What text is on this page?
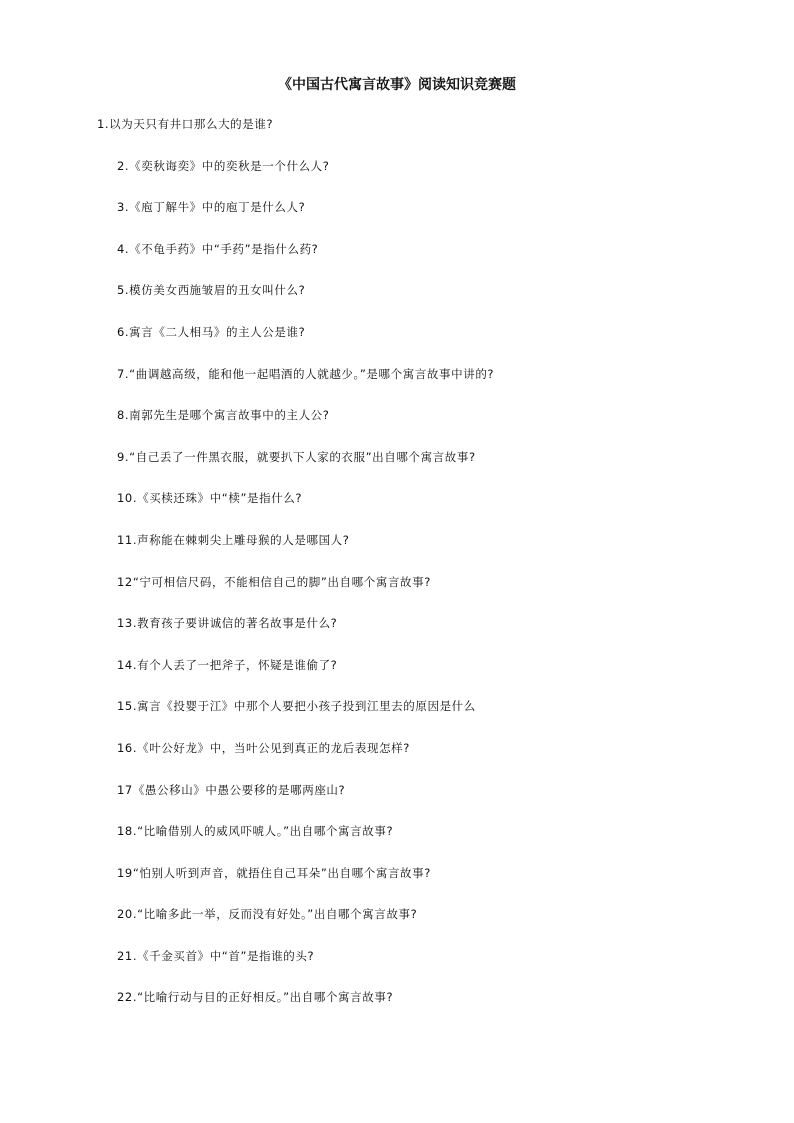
《中国古代寓言故事》阅读知识竞赛题
1.以为天只有井口那么大的是谁?
2.《奕秋诲奕》中的奕秋是一个什么人?
3.《庖丁解牛》中的庖丁是什么人?
4.《不龟手药》中“手药”是指什么药?
5.模仿美女西施皱眉的丑女叫什么?
6.寓言《二人相马》的主人公是谁?
7.“曲调越高级，能和他一起唱酒的人就越少。”是哪个寓言故事中讲的?
8.南郭先生是哪个寓言故事中的主人公?
9.“自己丢了一件黑衣服，就要扒下人家的衣服”出自哪个寓言故事?
10.《买椟还珠》中“椟”是指什么?
11.声称能在棘刺尖上雕母猴的人是哪国人?
12“宁可相信尺码，不能相信自己的脚”出自哪个寓言故事?
13.教育孩子要讲诚信的著名故事是什么?
14.有个人丢了一把斧子，怀疑是谁偷了?
15.寓言《投婴于江》中那个人要把小孩子投到江里去的原因是什么
16.《叶公好龙》中，当叶公见到真正的龙后表现怎样?
17《愚公移山》中愚公要移的是哪两座山?
18.“比喻借别人的威风吓唬人。”出自哪个寓言故事?
19“怕别人听到声音，就捂住自己耳朵”出自哪个寓言故事?
20.“比喻多此一举，反而没有好处。”出自哪个寓言故事?
21.《千金买首》中“首”是指谁的头?
22.“比喻行动与目的正好相反。”出自哪个寓言故事?
